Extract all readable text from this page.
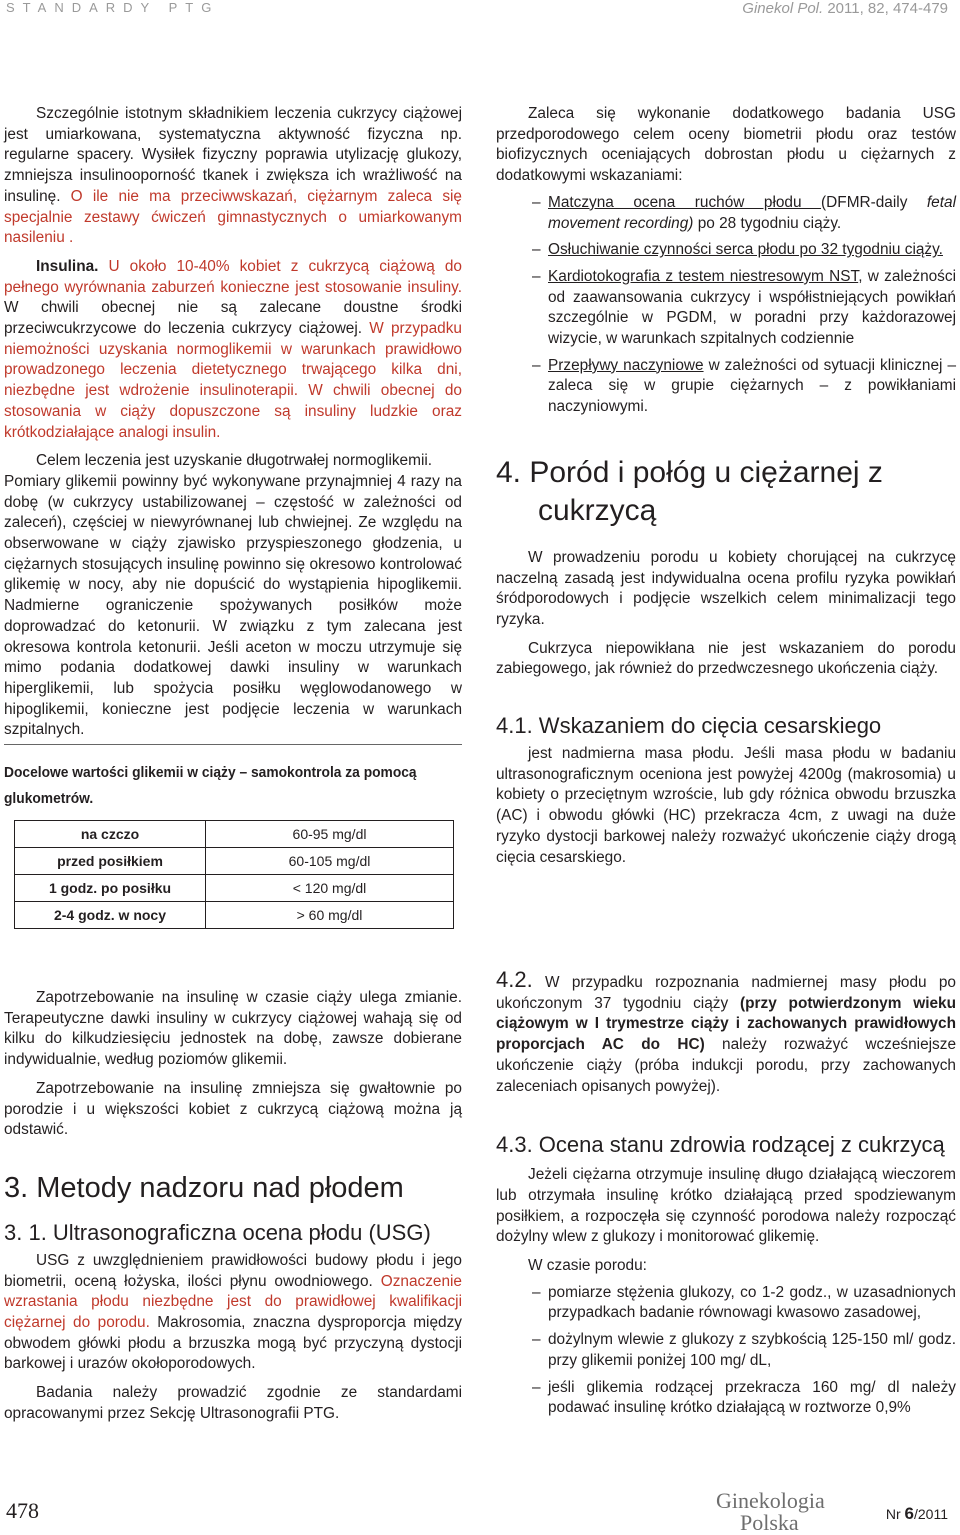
STANDARDY PTG	Ginekol Pol. 2011, 82, 474-479

Szczególnie istotnym składnikiem leczenia cukrzycy ciążowej jest umiarkowana, systematyczna aktywność fizyczna np. regularne spacery. Wysiłek fizyczny poprawia utylizację glukozy, zmniejsza insulinooporność tkanek i zwiększa ich wrażliwość na insulinę. O ile nie ma przeciwwskazań, ciężarnym zaleca się specjalnie zestawy ćwiczeń gimnastycznych o umiarkowanym nasileniu .

Insulina. U około 10-40% kobiet z cukrzycą ciążową do pełnego wyrównania zaburzeń konieczne jest stosowanie insuliny. W chwili obecnej nie są zalecane doustne środki przeciwcukrzycowe do leczenia cukrzycy ciążowej. W przypadku niemożności uzyskania normoglikemii w warunkach prawidłowo prowadzonego leczenia dietetycznego trwającego kilka dni, niezbędne jest wdrożenie insulinoterapii. W chwili obecnej do stosowania w ciąży dopuszczone są insuliny ludzkie oraz krótkodziałające analogi insulin.

Celem leczenia jest uzyskanie długotrwałej normoglikemii.

Pomiary glikemii powinny być wykonywane przynajmniej 4 razy na dobę (w cukrzycy ustabilizowanej – częstość w zależności od zaleceń), częściej w niewyrównanej lub chwiejnej. Ze względu na obserwowane w ciąży zjawisko przyspieszonego głodzenia, u ciężarnych stosujących insulinę powinno się okresowo kontrolować glikemię w nocy, aby nie dopuścić do wystąpienia hipoglikemii. Nadmierne ograniczenie spożywanych posiłków może doprowadzać do ketonurii. W związku z tym zalecana jest okresowa kontrola ketonurii. Jeśli aceton w moczu utrzymuje się mimo podania dodatkowej dawki insuliny w warunkach hiperglikemii, lub spożycia posiłku węglowodanowego w hipoglikemii, konieczne jest podjęcie leczenia w warunkach szpitalnych.

Docelowe wartości glikemii w ciąży – samokontrola za pomocą glukometrów.
na czczo	60-95 mg/dl
przed posiłkiem	60-105 mg/dl
1 godz. po posiłku	< 120 mg/dl
2-4 godz. w nocy	> 60 mg/dl

Zapotrzebowanie na insulinę w czasie ciąży ulega zmianie. Terapeutyczne dawki insuliny w cukrzycy ciążowej wahają się od kilku do kilkudziesięciu jednostek na dobę, zawsze dobierane indywidualnie, według poziomów glikemii.

Zapotrzebowanie na insulinę zmniejsza się gwałtownie po porodzie i u większości kobiet z cukrzycą ciążową można ją odstawić.

3. Metody nadzoru nad płodem
3. 1. Ultrasonograficzna ocena płodu (USG)

USG z uwzględnieniem prawidłowości budowy płodu i jego biometrii, oceną łożyska, ilości płynu owodniowego. Oznaczenie wzrastania płodu niezbędne jest do prawidłowej kwalifikacji ciężarnej do porodu. Makrosomia, znaczna dysproporcja między obwodem główki płodu a brzuszka mogą być przyczyną dystocji barkowej i urazów okołoporodowych.

Badania należy prowadzić zgodnie ze standardami opracowanymi przez Sekcję Ultrasonografii PTG.

Zaleca się wykonanie dodatkowego badania USG przedporodowego celem oceny biometrii płodu oraz testów biofizycznych oceniających dobrostan płodu u ciężarnych z dodatkowymi wskazaniami:

– Matczyna ocena ruchów płodu (DFMR-daily fetal movement recording) po 28 tygodniu ciąży.
– Osłuchiwanie czynności serca płodu po 32 tygodniu ciąży.
– Kardiotokografia z testem niestresowym NST, w zależności od zaawansowania cukrzycy i współistniejących powikłań szczególnie w PGDM, w poradni przy każdorazowej wizycie, w warunkach szpitalnych codziennie
– Przepływy naczyniowe w zależności od sytuacji klinicznej – zaleca się w grupie ciężarnych – z powikłaniami naczyniowymi.
4. Poród i połóg u ciężarnej z cukrzycą

W prowadzeniu porodu u kobiety chorującej na cukrzycę naczelną zasadą jest indywidualna ocena profilu ryzyka powikłań śródporodowych i podjęcie wszelkich celem minimalizacji tego ryzyka.

Cukrzyca niepowikłana nie jest wskazaniem do porodu zabiegowego, jak również do przedwczesnego ukończenia ciąży.

4.1. Wskazaniem do cięcia cesarskiego

jest nadmierna masa płodu. Jeśli masa płodu w badaniu ultrasonograficznym oceniona jest powyżej 4200g (makrosomia) u kobiety o przeciętnym wzroście, lub gdy różnica obwodu brzuszka (AC) i obwodu główki (HC) przekracza 4cm, z uwagi na duże ryzyko dystocji barkowej należy rozważyć ukończenie ciąży drogą cięcia cesarskiego.

4.2. W przypadku rozpoznania nadmiernej masy płodu po ukończonym 37 tygodniu ciąży (przy potwierdzonym wieku ciążowym w I trymestrze ciąży i zachowanych prawidłowych proporcjach AC do HC) należy rozważyć wcześniejsze ukończenie ciąży (próba indukcji porodu, przy zachowanych zaleceniach opisanych powyżej).

4.3. Ocena stanu zdrowia rodzącej z cukrzycą

Jeżeli ciężarna otrzymuje insulinę długo działającą wieczorem lub otrzymała insulinę krótko działającą przed spodziewanym posiłkiem, a rozpoczęła się czynność porodowa należy rozpocząć dożylny wlew z glukozy i monitorować glikemię.

W czasie porodu:

– pomiarze stężenia glukozy, co 1-2 godz., w uzasadnionych przypadkach badanie równowagi kwasowo zasadowej,
– dożylnym wlewie z glukozy z szybkością 125-150 ml/ godz. przy glikemii poniżej 100 mg/ dL,
– jeśli glikemia rodzącej przekracza 160 mg/ dl należy podawać insulinę krótko działającą w roztworze 0,9%
478	Ginekologia
Polska	Nr 6/2011
